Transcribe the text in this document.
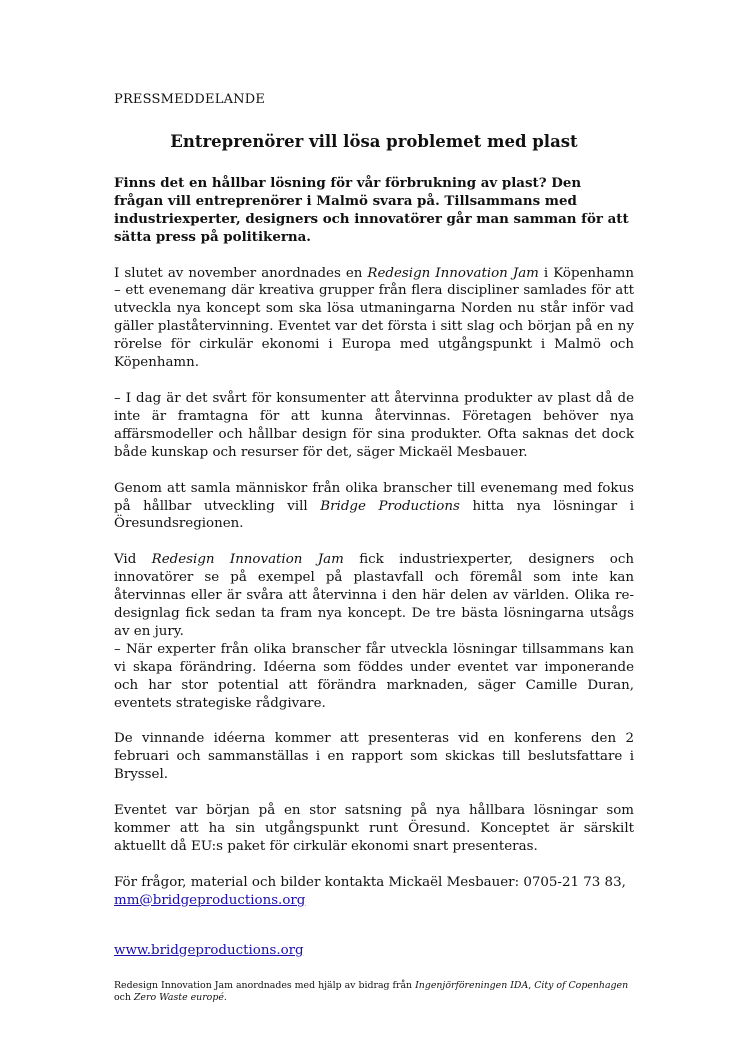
PRESSMEDDELANDE

Entreprenörer vill lösa problemet med plast

Finns det en hållbar lösning för vår förbrukning av plast? Den frågan vill entreprenörer i Malmö svara på. Tillsammans med industriexperter, designers och innovatörer går man samman för att sätta press på politikerna.

I slutet av november anordnades en Redesign Innovation Jam i Köpenhamn – ett evenemang där kreativa grupper från flera discipliner samlades för att utveckla nya koncept som ska lösa utmaningarna Norden nu står inför vad gäller plaståtervinning. Eventet var det första i sitt slag och början på en ny rörelse för cirkulär ekonomi i Europa med utgångspunkt i Malmö och Köpenhamn.

– I dag är det svårt för konsumenter att återvinna produkter av plast då de inte är framtagna för att kunna återvinnas. Företagen behöver nya affärsmodeller och hållbar design för sina produkter. Ofta saknas det dock både kunskap och resurser för det, säger Mickaël Mesbauer.

Genom att samla människor från olika branscher till evenemang med fokus på hållbar utveckling vill Bridge Productions hitta nya lösningar i Öresundsregionen.

Vid Redesign Innovation Jam fick industriexperter, designers och innovatörer se på exempel på plastavfall och föremål som inte kan återvinnas eller är svåra att återvinna i den här delen av världen. Olika re-designlag fick sedan ta fram nya koncept. De tre bästa lösningarna utsågs av en jury.

– När experter från olika branscher får utveckla lösningar tillsammans kan vi skapa förändring. Idéerna som föddes under eventet var imponerande och har stor potential att förändra marknaden, säger Camille Duran, eventets strategiske rådgivare.

De vinnande idéerna kommer att presenteras vid en konferens den 2 februari och sammanställas i en rapport som skickas till beslutsfattare i Bryssel.

Eventet var början på en stor satsning på nya hållbara lösningar som kommer att ha sin utgångspunkt runt Öresund. Konceptet är särskilt aktuellt då EU:s paket för cirkulär ekonomi snart presenteras.

För frågor, material och bilder kontakta Mickaël Mesbauer: 0705-21 73 83,
mm@bridgeproductions.org

www.bridgeproductions.org

Redesign Innovation Jam anordnades med hjälp av bidrag från Ingenjörföreningen IDA, City of Copenhagen och Zero Waste europé.
